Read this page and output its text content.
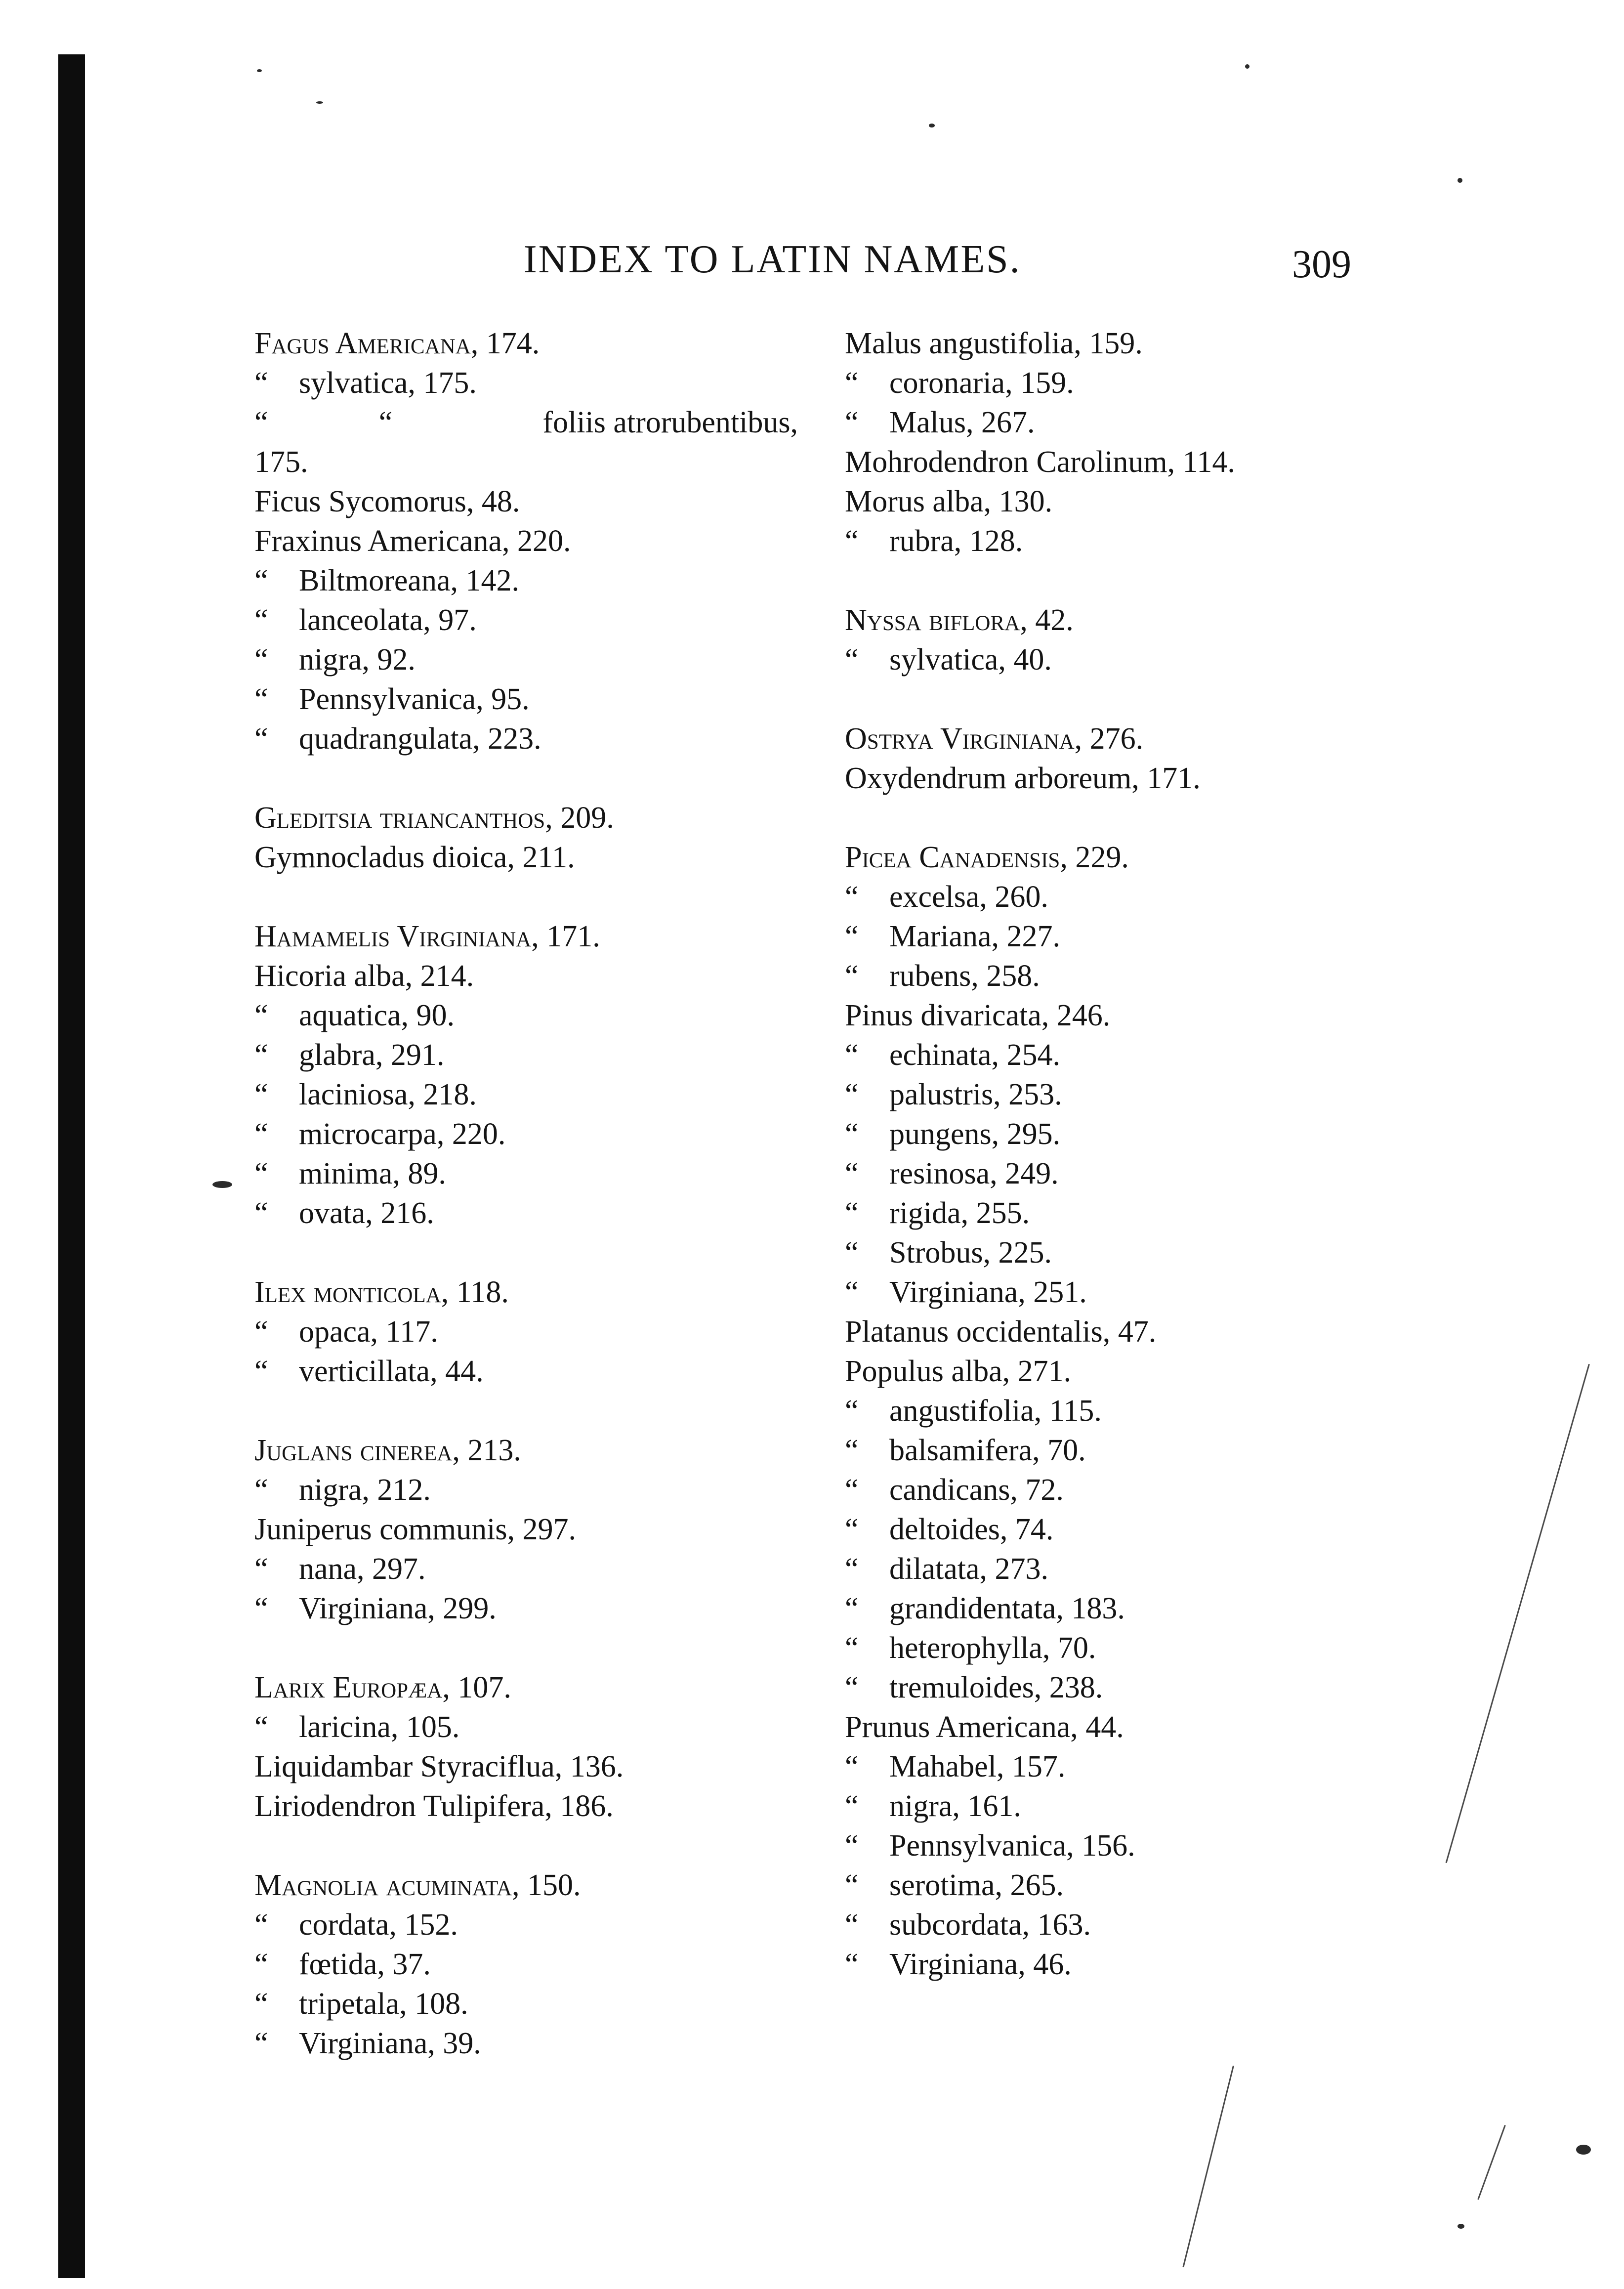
INDEX TO LATIN NAMES.	309
Fagus Americana, 174.
“ sylvatica, 175.
“	“	foliis atrorubentibus,
175.
Ficus Sycomorus, 48.
Fraxinus Americana, 220.
“ Biltmoreana, 142.
“ lanceolata, 97.
“ nigra, 92.
“ Pennsylvanica, 95.
“ quadrangulata, 223.
Gleditsia triancanthos, 209.
Gymnocladus dioica, 211.
Hamamelis Virginiana, 171.
Hicoria alba, 214.
“ aquatica, 90.
“ glabra, 291.
“ laciniosa, 218.
“ microcarpa, 220.
“ minima, 89.
“ ovata, 216.
Ilex monticola, 118.
“ opaca, 117.
“ verticillata, 44.
Juglans cinerea, 213.
“ nigra, 212.
Juniperus communis, 297.
“ nana, 297.
“ Virginiana, 299.
Larix Europæa, 107.
“ laricina, 105.
Liquidambar Styraciflua, 136.
Liriodendron Tulipifera, 186.
Magnolia acuminata, 150.
“ cordata, 152.
“ fœtida, 37.
“ tripetala, 108.
“ Virginiana, 39.
Malus angustifolia, 159.
“ coronaria, 159.
“ Malus, 267.
Mohrodendron Carolinum, 114.
Morus alba, 130.
“ rubra, 128.
Nyssa biflora, 42.
“ sylvatica, 40.
Ostrya Virginiana, 276.
Oxydendrum arboreum, 171.
Picea Canadensis, 229.
“ excelsa, 260.
“ Mariana, 227.
“ rubens, 258.
Pinus divaricata, 246.
“ echinata, 254.
“ palustris, 253.
“ pungens, 295.
“ resinosa, 249.
“ rigida, 255.
“ Strobus, 225.
“ Virginiana, 251.
Platanus occidentalis, 47.
Populus alba, 271.
“ angustifolia, 115.
“ balsamifera, 70.
“ candicans, 72.
“ deltoides, 74.
“ dilatata, 273.
“ grandidentata, 183.
“ heterophylla, 70.
“ tremuloides, 238.
Prunus Americana, 44.
“ Mahabel, 157.
“ nigra, 161.
“ Pennsylvanica, 156.
“ serotima, 265.
“ subcordata, 163.
“ Virginiana, 46.
